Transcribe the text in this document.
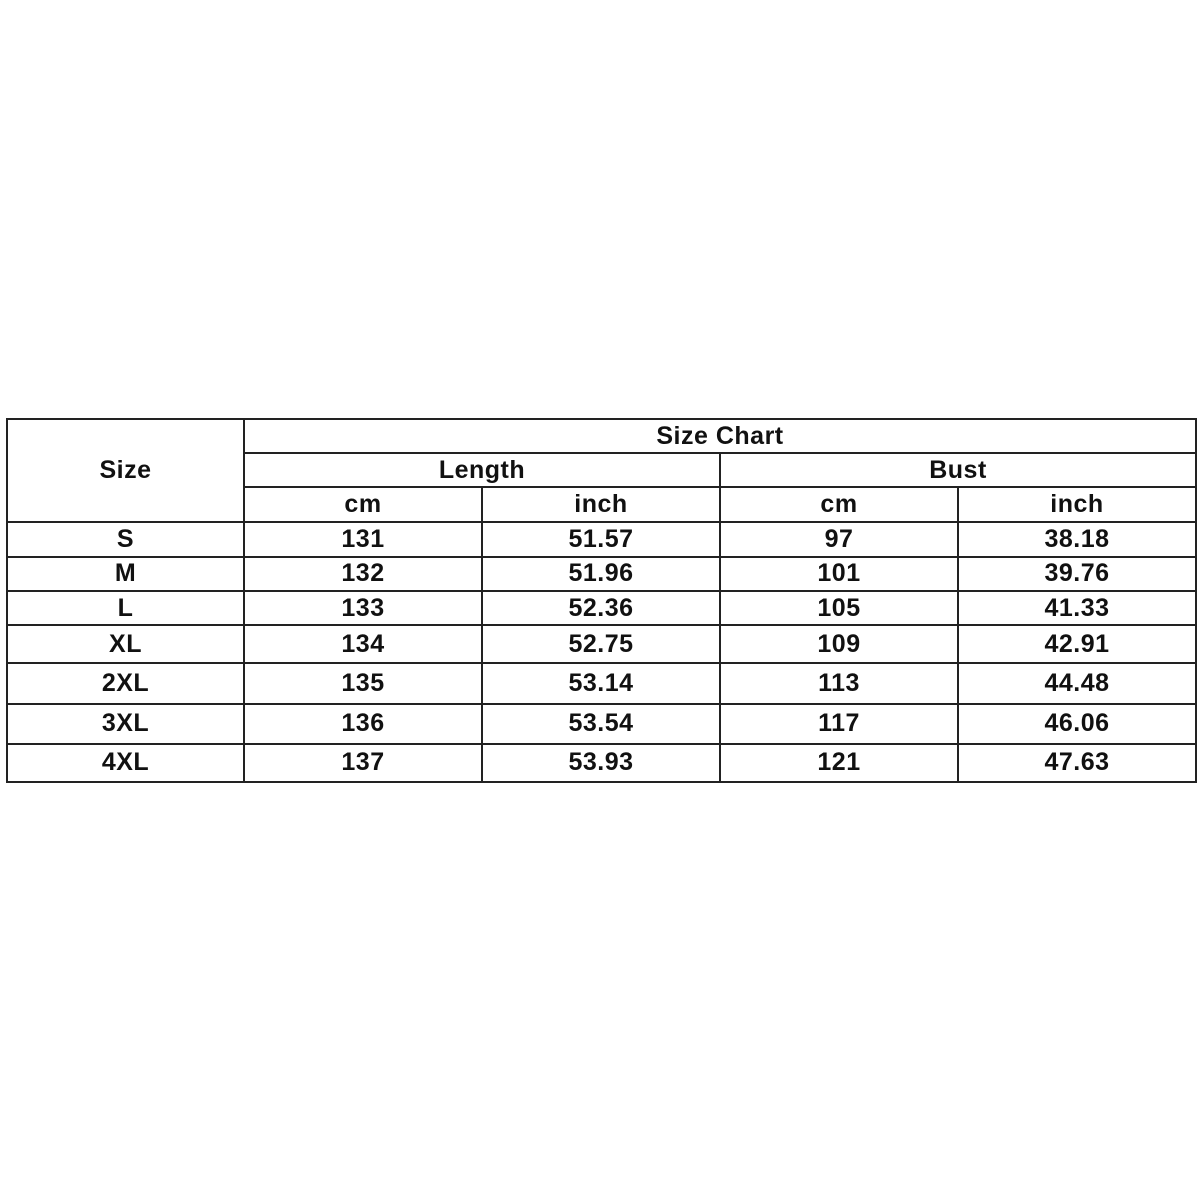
Size	Size Chart			
	Length		Bust	
	cm	inch	cm	inch
S	131	51.57	97	38.18
M	132	51.96	101	39.76
L	133	52.36	105	41.33
XL	134	52.75	109	42.91
2XL	135	53.14	113	44.48
3XL	136	53.54	117	46.06
4XL	137	53.93	121	47.63
